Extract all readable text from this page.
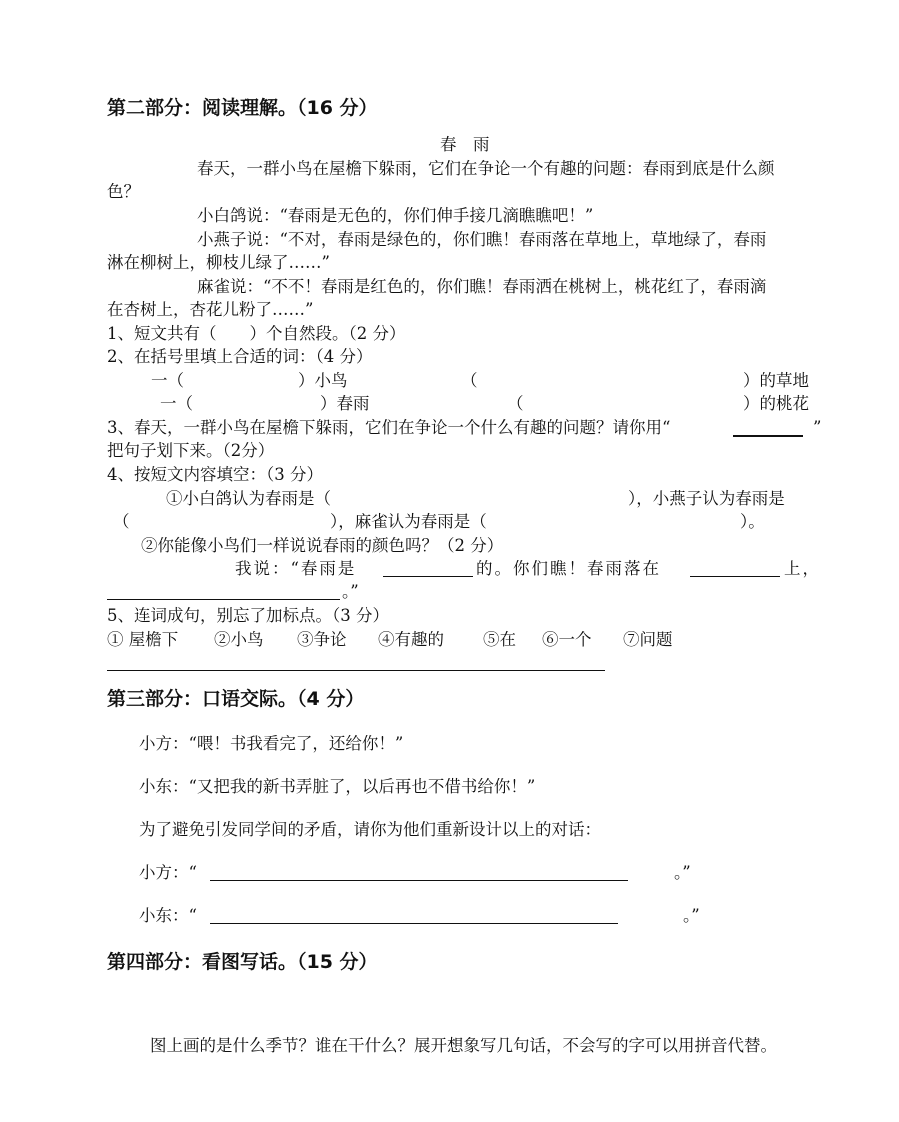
第二部分：阅读理解。（16 分）
春　雨
春天，一群小鸟在屋檐下躲雨，它们在争论一个有趣的问题：春雨到底是什么颜
色？
小白鸽说：“春雨是无色的，你们伸手接几滴瞧瞧吧！”
小燕子说：“不对，春雨是绿色的，你们瞧！春雨落在草地上，草地绿了，春雨
淋在柳树上，柳枝儿绿了……”
麻雀说：“不不！春雨是红色的，你们瞧！春雨洒在桃树上，桃花红了，春雨滴
在杏树上，杏花儿粉了……”
1、短文共有（　　）个自然段。（2 分）
2、在括号里填上合适的词：（4 分）
一（	）小鸟	（	）的草地
一（	）春雨	（	）的桃花
3、春天，一群小鸟在屋檐下躲雨，它们在争论一个什么有趣的问题？请你用“	”
把句子划下来。（2分）
4、按短文内容填空：（3 分）
①小白鸽认为春雨是（	），小燕子认为春雨是
（	），麻雀认为春雨是（	）。
②你能像小鸟们一样说说春雨的颜色吗？（2 分）
我说：“春雨是	的。你们瞧！春雨落在	上，
。”
5、连词成句，别忘了加标点。（3 分）
① 屋檐下 ②小鸟 ③争论 ④有趣的 ⑤在 ⑥一个 ⑦问题
第三部分：口语交际。（4 分）
小方：“喂！书我看完了，还给你！”
小东：“又把我的新书弄脏了，以后再也不借书给你！”
为了避免引发同学间的矛盾，请你为他们重新设计以上的对话：
小方：“	。”
小东：“	。”
第四部分：看图写话。（15 分）
图上画的是什么季节？谁在干什么？展开想象写几句话，不会写的字可以用拼音代替。
